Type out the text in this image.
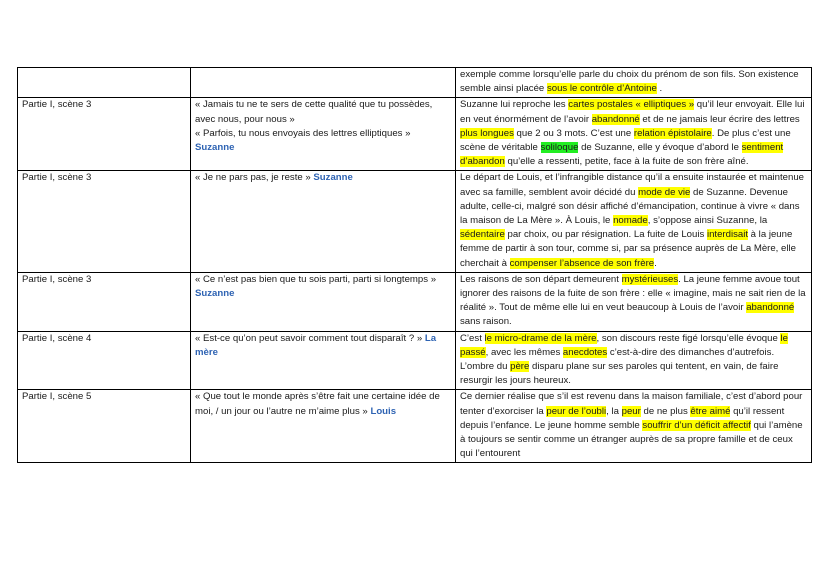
		exemple comme lorsqu’elle parle du choix du prénom de son fils. Son existence semble ainsi placée sous le contrôle d’Antoine .
Partie I, scène 3	« Jamais tu ne te sers de cette qualité que tu possèdes, avec nous, pour nous »
« Parfois, tu nous envoyais des lettres elliptiques » Suzanne	Suzanne lui reproche les cartes postales « elliptiques » qu’il leur envoyait. Elle lui en veut énormément de l’avoir abandonné et de ne jamais leur écrire des lettres plus longues que 2 ou 3 mots. C’est une relation épistolaire. De plus c’est une scène de véritable soliloque de Suzanne, elle y évoque d’abord le sentiment d’abandon qu’elle a ressenti, petite, face à la fuite de son frère aîné.
Partie I, scène 3	« Je ne pars pas, je reste » Suzanne	Le départ de Louis, et l’infrangible distance qu’il a ensuite instaurée et maintenue avec sa famille, semblent avoir décidé du mode de vie de Suzanne. Devenue adulte, celle-ci, malgré son désir affiché d’émancipation, continue à vivre « dans la maison de La Mère ». À Louis, le nomade, s’oppose ainsi Suzanne, la sédentaire par choix, ou par résignation. La fuite de Louis interdisait à la jeune femme de partir à son tour, comme si, par sa présence auprès de La Mère, elle cherchait à compenser l’absence de son frère.
Partie I, scène 3	« Ce n’est pas bien que tu sois parti, parti si longtemps » Suzanne	Les raisons de son départ demeurent mystérieuses. La jeune femme avoue tout ignorer des raisons de la fuite de son frère : elle « imagine, mais ne sait rien de la réalité ». Tout de même elle lui en veut beaucoup à Louis de l’avoir abandonné sans raison.
Partie I, scène 4	« Est-ce qu’on peut savoir comment tout disparaît ? » La mère	C’est le micro-drame de la mère, son discours reste figé lorsqu’elle évoque le passé, avec les mêmes anecdotes c’est-à-dire des dimanches d’autrefois. L’ombre du père disparu plane sur ses paroles qui tentent, en vain, de faire resurgir les jours heureux.
Partie I, scène 5	« Que tout le monde après s’être fait une certaine idée de moi, / un jour ou l’autre ne m’aime plus » Louis	Ce dernier réalise que s’il est revenu dans la maison familiale, c’est d’abord pour tenter d’exorciser la peur de l’oubli, la peur de ne plus être aimé qu’il ressent depuis l’enfance. Le jeune homme semble souffrir d’un déficit affectif qui l’amène à toujours se sentir comme un étranger auprès de sa propre famille et de ceux qui l’entourent
